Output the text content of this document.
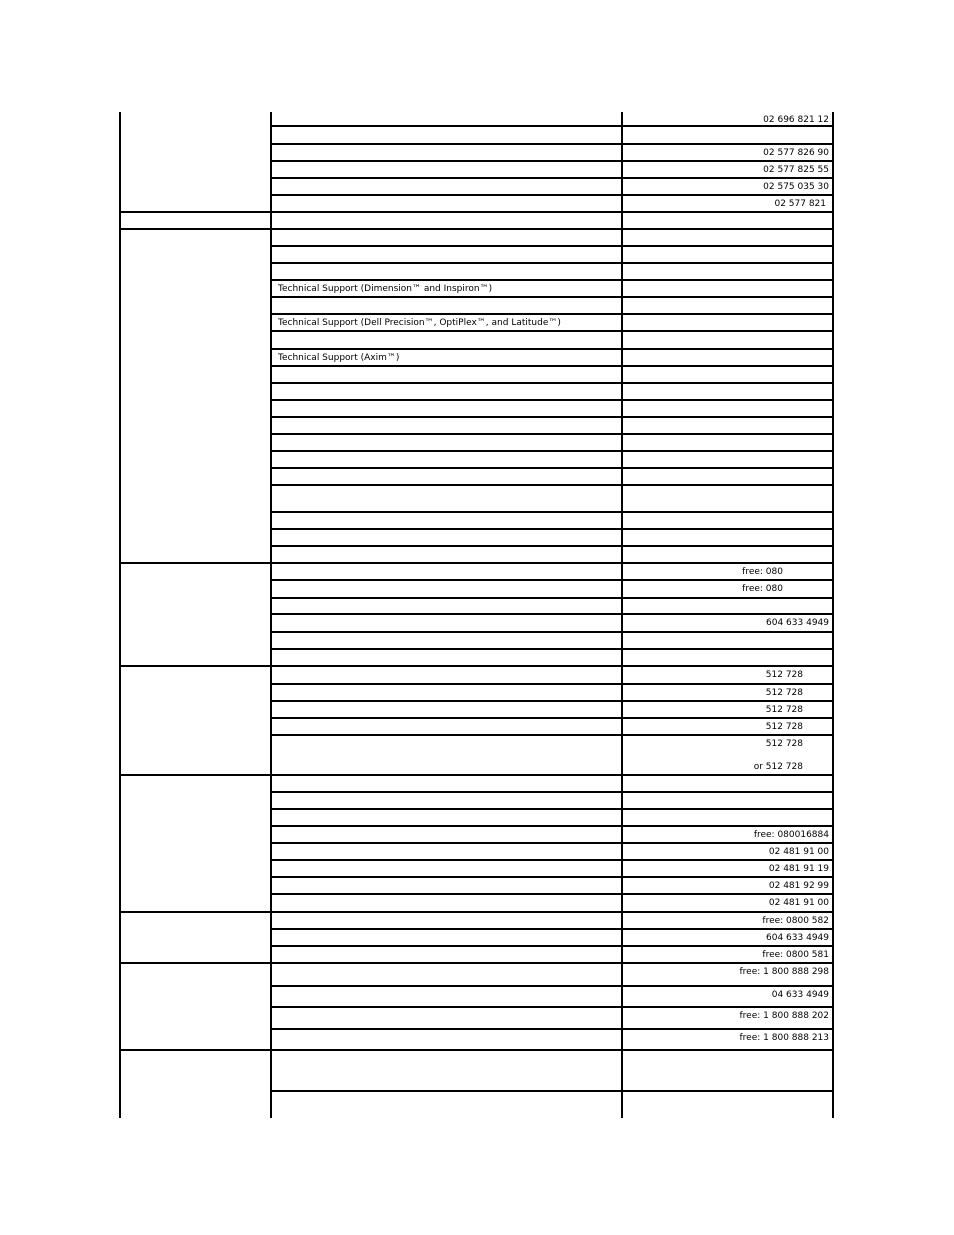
02 696 821 12
02 577 826 90
02 577 825 55
02 575 035 30
02 577 821
Technical Support (Dimension™ and Inspiron™)
Technical Support (Dell Precision™, OptiPlex™, and Latitude™)
Technical Support (Axim™)
free: 080
free: 080
604 633 4949
512 728
512 728
512 728
512 728
512 728
or 512 728
free: 080016884
02 481 91 00
02 481 91 19
02 481 92 99
02 481 91 00
free: 0800 582
604 633 4949
free: 0800 581
free: 1 800 888 298
04 633 4949
free: 1 800 888 202
free: 1 800 888 213
